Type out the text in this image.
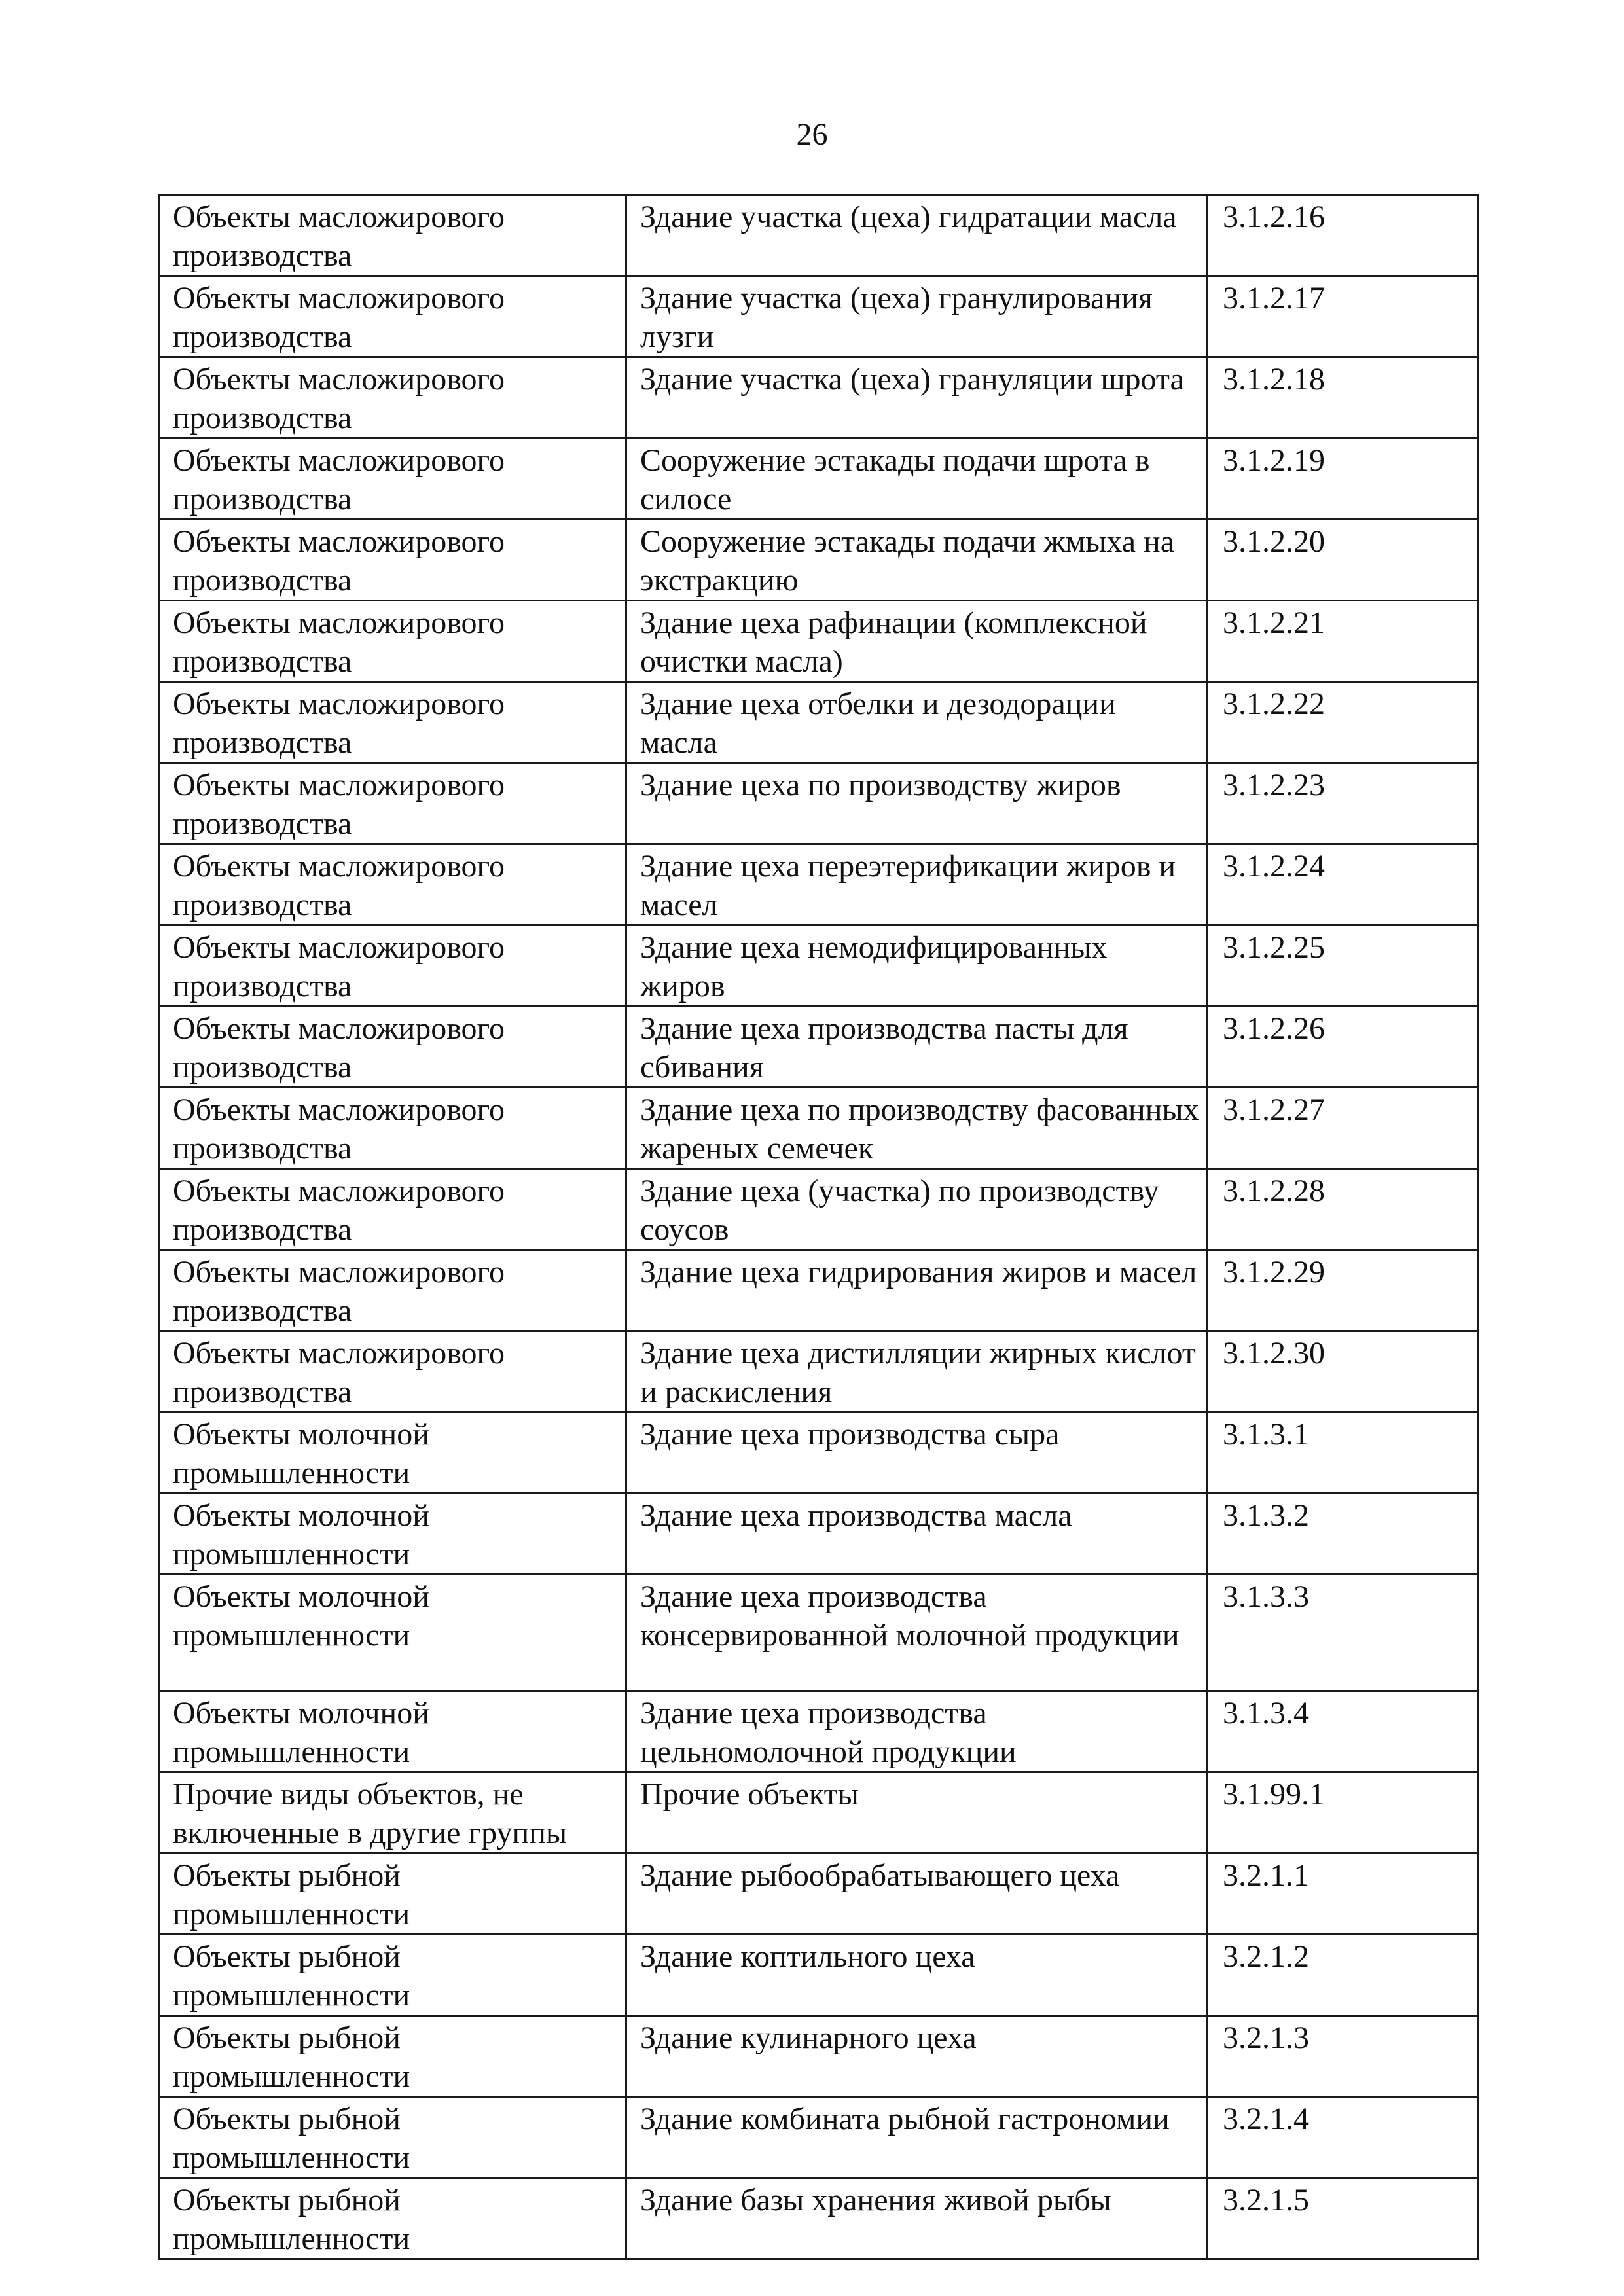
26
Объекты масложирового производства	Здание участка (цеха) гидратации масла	3.1.2.16
Объекты масложирового производства	Здание участка (цеха) гранулирования лузги	3.1.2.17
Объекты масложирового производства	Здание участка (цеха) грануляции шрота	3.1.2.18
Объекты масложирового производства	Сооружение эстакады подачи шрота в силосе	3.1.2.19
Объекты масложирового производства	Сооружение эстакады подачи жмыха на экстракцию	3.1.2.20
Объекты масложирового производства	Здание цеха рафинации (комплексной очистки масла)	3.1.2.21
Объекты масложирового производства	Здание цеха отбелки и дезодорации масла	3.1.2.22
Объекты масложирового производства	Здание цеха по производству жиров	3.1.2.23
Объекты масложирового производства	Здание цеха переэтерификации жиров и масел	3.1.2.24
Объекты масложирового производства	Здание цеха немодифицированных жиров	3.1.2.25
Объекты масложирового производства	Здание цеха производства пасты для сбивания	3.1.2.26
Объекты масложирового производства	Здание цеха по производству фасованных жареных семечек	3.1.2.27
Объекты масложирового производства	Здание цеха (участка) по производству соусов	3.1.2.28
Объекты масложирового производства	Здание цеха гидрирования жиров и масел	3.1.2.29
Объекты масложирового производства	Здание цеха дистилляции жирных кислот и раскисления	3.1.2.30
Объекты молочной промышленности	Здание цеха производства сыра	3.1.3.1
Объекты молочной промышленности	Здание цеха производства масла	3.1.3.2
Объекты молочной промышленности	Здание цеха производства консервированной молочной продукции	3.1.3.3
Объекты молочной промышленности	Здание цеха производства цельномолочной продукции	3.1.3.4
Прочие виды объектов, не включенные в другие группы	Прочие объекты	3.1.99.1
Объекты рыбной промышленности	Здание рыбообрабатывающего цеха	3.2.1.1
Объекты рыбной промышленности	Здание коптильного цеха	3.2.1.2
Объекты рыбной промышленности	Здание кулинарного цеха	3.2.1.3
Объекты рыбной промышленности	Здание комбината рыбной гастрономии	3.2.1.4
Объекты рыбной промышленности	Здание базы хранения живой рыбы	3.2.1.5
